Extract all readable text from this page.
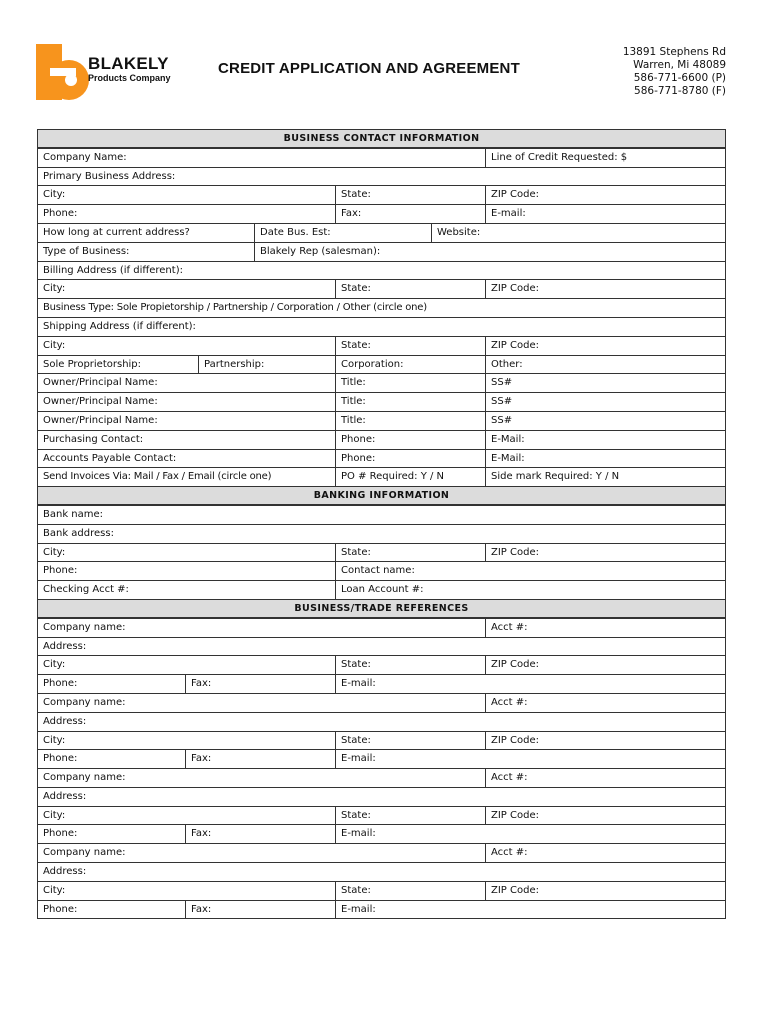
BLAKELY
Products Company
CREDIT APPLICATION AND AGREEMENT
13891 Stephens Rd
Warren, Mi 48089
586-771-6600 (P)
586-771-8780 (F)
BUSINESS CONTACT INFORMATION
Company Name:	Line of Credit Requested: $
Primary Business Address:
City:	State:	ZIP Code:
Phone:	Fax:	E-mail:
How long at current address?	Date Bus. Est:	Website:
Type of Business:	Blakely Rep (salesman):
Billing Address (if different):
City:	State:	ZIP Code:
Business Type: Sole Propietorship / Partnership / Corporation / Other (circle one)
Shipping Address (if different):
City:	State:	ZIP Code:
Sole Proprietorship:	Partnership:	Corporation:	Other:
Owner/Principal Name:	Title:	SS#
Owner/Principal Name:	Title:	SS#
Owner/Principal Name:	Title:	SS#
Purchasing Contact:	Phone:	E-Mail:
Accounts Payable Contact:	Phone:	E-Mail:
Send Invoices Via: Mail / Fax / Email (circle one)	PO # Required: Y / N	Side mark Required: Y / N
BANKING INFORMATION
Bank name:
Bank address:
City:	State:	ZIP Code:
Phone:	Contact name:
Checking Acct #:	Loan Account #:
BUSINESS/TRADE REFERENCES
Company name:	Acct #:
Address:
City:	State:	ZIP Code:
Phone:	Fax:	E-mail:
Company name:	Acct #:
Address:
City:	State:	ZIP Code:
Phone:	Fax:	E-mail:
Company name:	Acct #:
Address:
City:	State:	ZIP Code:
Phone:	Fax:	E-mail:
Company name:	Acct #:
Address:
City:	State:	ZIP Code:
Phone:	Fax:	E-mail:
